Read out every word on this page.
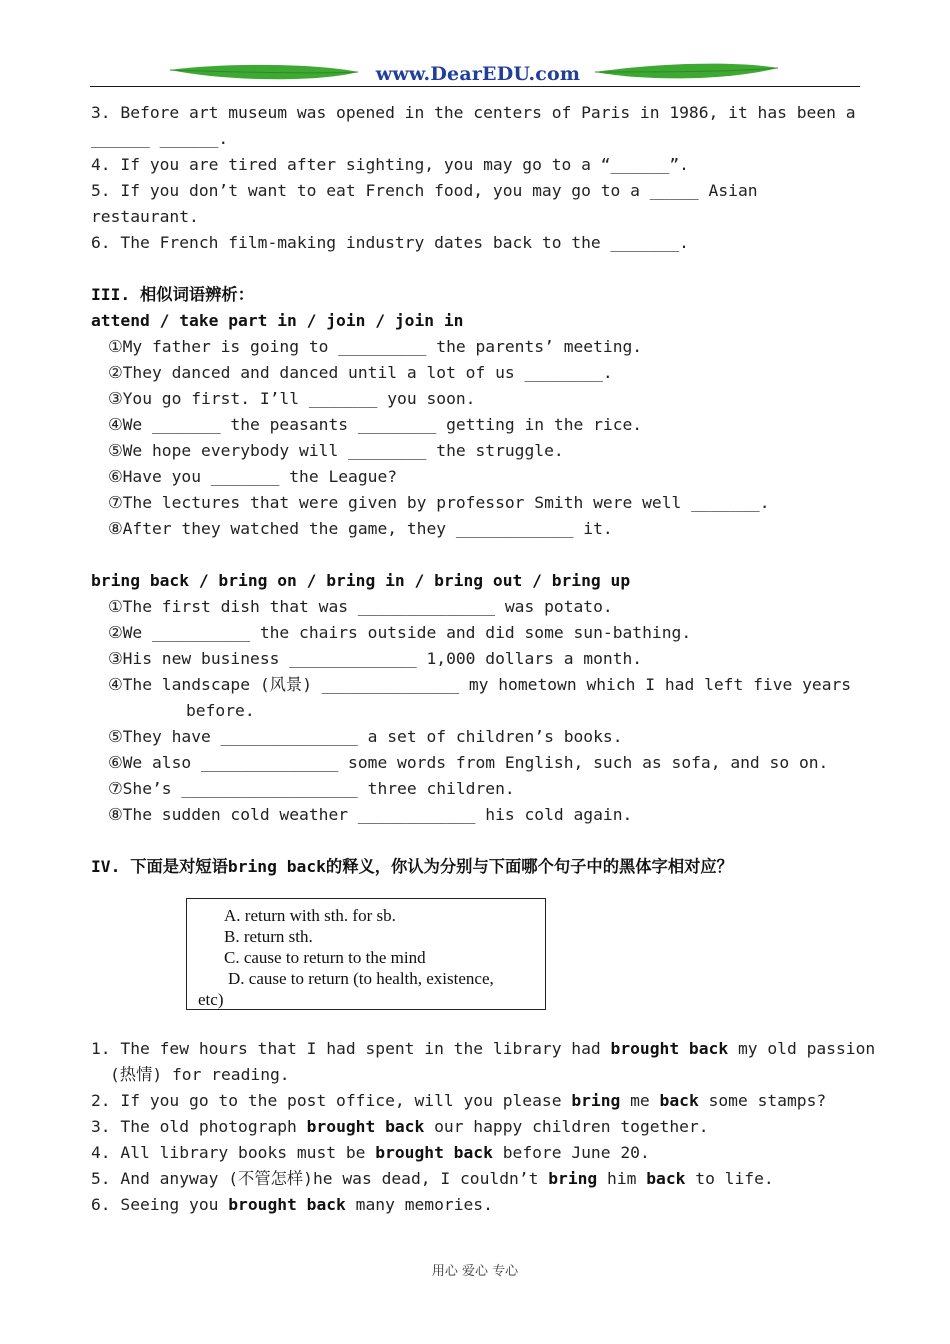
www.DearEDU.com
3. Before art museum was opened in the centers of Paris in 1986, it has been a
______ ______.
4. If you are tired after sighting, you may go to a “______”.
5. If you don’t want to eat French food, you may go to a _____ Asian
restaurant.
6. The French film-making industry dates back to the _______.
III. 相似词语辨析：
attend / take part in / join / join in
①My father is going to _________ the parents’ meeting.
②They danced and danced until a lot of us ________.
③You go first. I’ll _______ you soon.
④We _______ the peasants ________ getting in the rice.
⑤We hope everybody will ________ the struggle.
⑥Have you _______ the League?
⑦The lectures that were given by professor Smith were well _______.
⑧After they watched the game, they ____________ it.
bring back / bring on / bring in / bring out / bring up
①The first dish that was ______________ was potato.
②We __________ the chairs outside and did some sun-bathing.
③His new business _____________ 1,000 dollars a month.
④The landscape (风景) ______________ my hometown which I had left five years
before.
⑤They have ______________ a set of children’s books.
⑥We also ______________ some words from English, such as sofa, and so on.
⑦She’s __________________ three children.
⑧The sudden cold weather ____________ his cold again.
IV. 下面是对短语bring back的释义，你认为分别与下面哪个句子中的黑体字相对应？
A. return with sth. for sb.
B. return sth.
C. cause to return to the mind
D. cause to return (to health, existence,
etc)
1. The few hours that I had spent in the library had brought back my old passion
(热情) for reading.
2. If you go to the post office, will you please bring me back some stamps?
3. The old photograph brought back our happy children together.
4. All library books must be brought back before June 20.
5. And anyway (不管怎样)he was dead, I couldn’t bring him back to life.
6. Seeing you brought back many memories.
用心 爱心 专心
